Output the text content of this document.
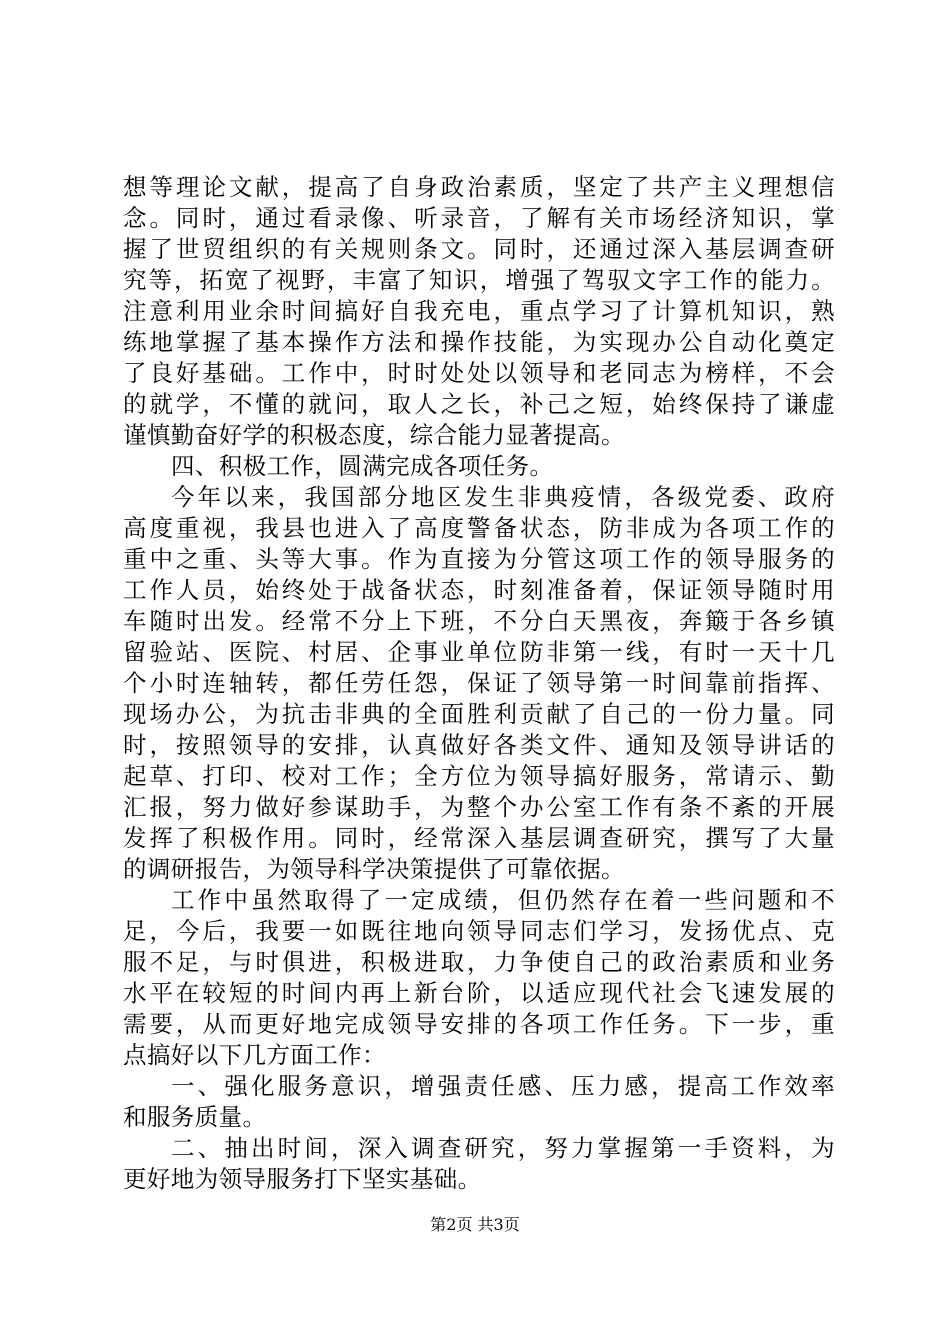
想等理论文献，提高了自身政治素质，坚定了共产主义理想信
念。同时，通过看录像、听录音，了解有关市场经济知识，掌
握了世贸组织的有关规则条文。同时，还通过深入基层调查研
究等，拓宽了视野，丰富了知识，增强了驾驭文字工作的能力。
注意利用业余时间搞好自我充电，重点学习了计算机知识，熟
练地掌握了基本操作方法和操作技能，为实现办公自动化奠定
了良好基础。工作中，时时处处以领导和老同志为榜样，不会
的就学，不懂的就问，取人之长，补己之短，始终保持了谦虚
谨慎勤奋好学的积极态度，综合能力显著提高。
四、积极工作，圆满完成各项任务。
今年以来，我国部分地区发生非典疫情，各级党委、政府
高度重视，我县也进入了高度警备状态，防非成为各项工作的
重中之重、头等大事。作为直接为分管这项工作的领导服务的
工作人员，始终处于战备状态，时刻准备着，保证领导随时用
车随时出发。经常不分上下班，不分白天黑夜，奔簸于各乡镇
留验站、医院、村居、企事业单位防非第一线，有时一天十几
个小时连轴转，都任劳任怨，保证了领导第一时间靠前指挥、
现场办公，为抗击非典的全面胜利贡献了自己的一份力量。同
时，按照领导的安排，认真做好各类文件、通知及领导讲话的
起草、打印、校对工作；全方位为领导搞好服务，常请示、勤
汇报，努力做好参谋助手，为整个办公室工作有条不紊的开展
发挥了积极作用。同时，经常深入基层调查研究，撰写了大量
的调研报告，为领导科学决策提供了可靠依据。
工作中虽然取得了一定成绩，但仍然存在着一些问题和不
足，今后，我要一如既往地向领导同志们学习，发扬优点、克
服不足，与时俱进，积极进取，力争使自己的政治素质和业务
水平在较短的时间内再上新台阶，以适应现代社会飞速发展的
需要，从而更好地完成领导安排的各项工作任务。下一步，重
点搞好以下几方面工作：
一、强化服务意识，增强责任感、压力感，提高工作效率
和服务质量。
二、抽出时间，深入调查研究，努力掌握第一手资料，为
更好地为领导服务打下坚实基础。
第2页 共3页
